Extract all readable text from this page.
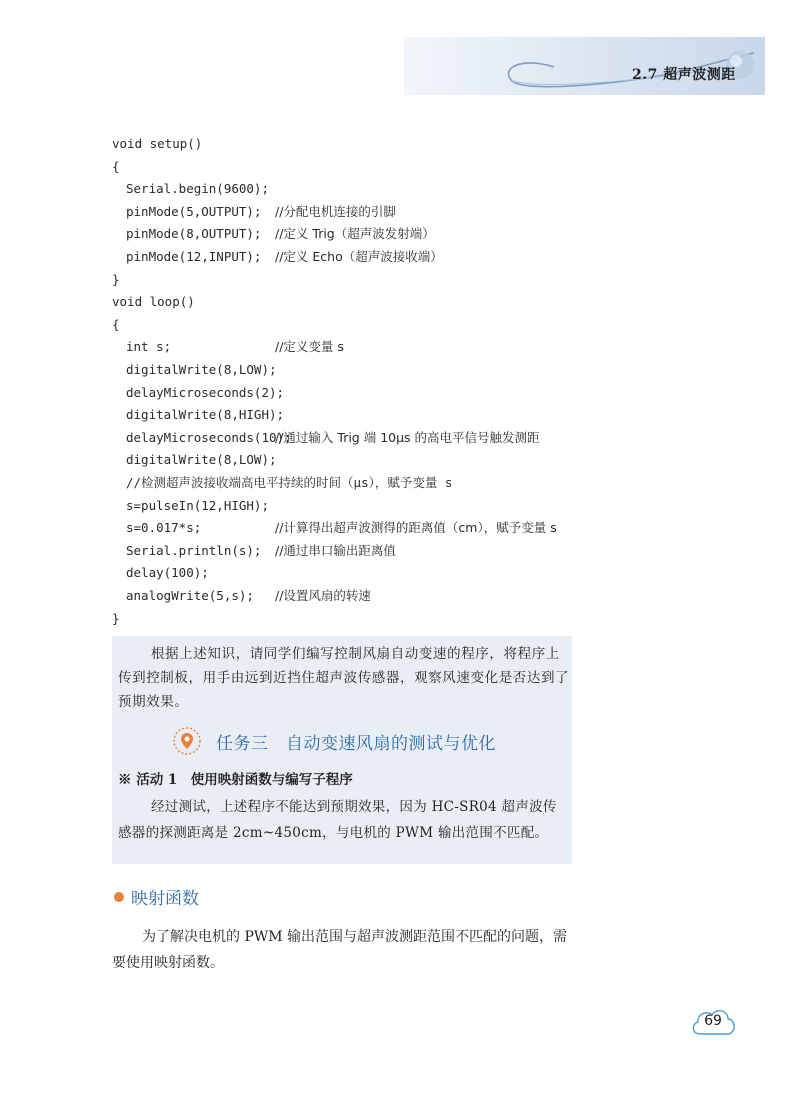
2.7 超声波测距
void setup()
{
Serial.begin(9600);
pinMode(5,OUTPUT); //分配电机连接的引脚
pinMode(8,OUTPUT); //定义 Trig（超声波发射端）
pinMode(12,INPUT); //定义 Echo（超声波接收端）
}
void loop()
{
int s;	//定义变量 s
digitalWrite(8,LOW);
delayMicroseconds(2);
digitalWrite(8,HIGH);
delayMicroseconds(10);
//通过输入 Trig 端 10μs 的高电平信号触发测距
digitalWrite(8,LOW);
//检测超声波接收端高电平持续的时间（μs），赋予变量 s
s=pulseIn(12,HIGH);
s=0.017*s;	//计算得出超声波测得的距离值（cm），赋予变量 s
Serial.println(s); //通过串口输出距离值
delay(100);
analogWrite(5,s); //设置风扇的转速
}
根据上述知识，请同学们编写控制风扇自动变速的程序，将程序上传到控制板，用手由远到近挡住超声波传感器，观察风速变化是否达到了预期效果。
任务三　自动变速风扇的测试与优化
※ 活动 1　使用映射函数与编写子程序
经过测试，上述程序不能达到预期效果，因为 HC-SR04 超声波传感器的探测距离是 2cm~450cm，与电机的 PWM 输出范围不匹配。
映射函数
为了解决电机的 PWM 输出范围与超声波测距范围不匹配的问题，需要使用映射函数。
69
